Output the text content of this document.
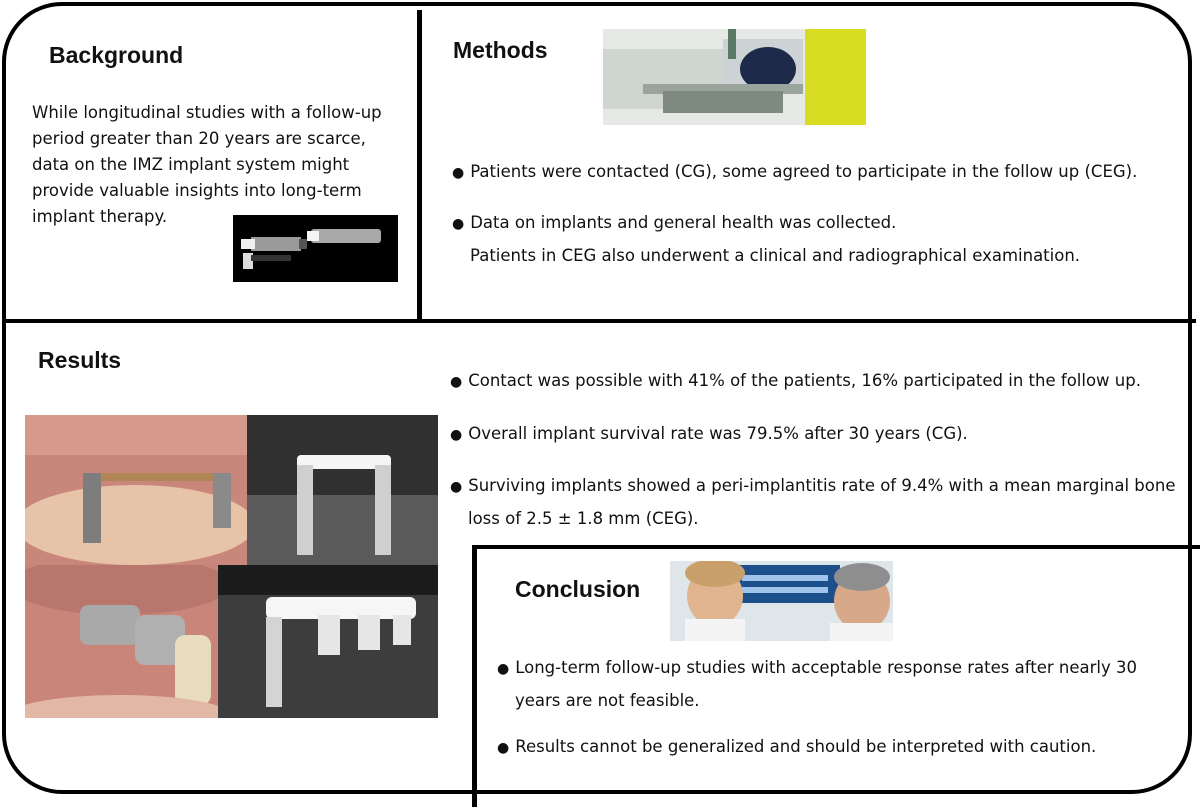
Background
While longitudinal studies with a follow-up period greater than 20 years are scarce, data on the IMZ implant system might provide valuable insights into long-term implant therapy.
Methods
● Patients were contacted (CG), some agreed to participate in the follow up (CEG).
● Data on implants and general health was collected.
Patients in CEG also underwent a clinical and radiographical examination.
Results
● Contact was possible with 41% of the patients, 16% participated in the follow up.
● Overall implant survival rate was 79.5% after 30 years (CG).
● Surviving implants showed a peri-implantitis rate of 9.4% with a mean marginal bone
loss of 2.5 ± 1.8 mm (CEG).
Conclusion
● Long-term follow-up studies with acceptable response rates after nearly 30
years are not feasible.
● Results cannot be generalized and should be interpreted with caution.
